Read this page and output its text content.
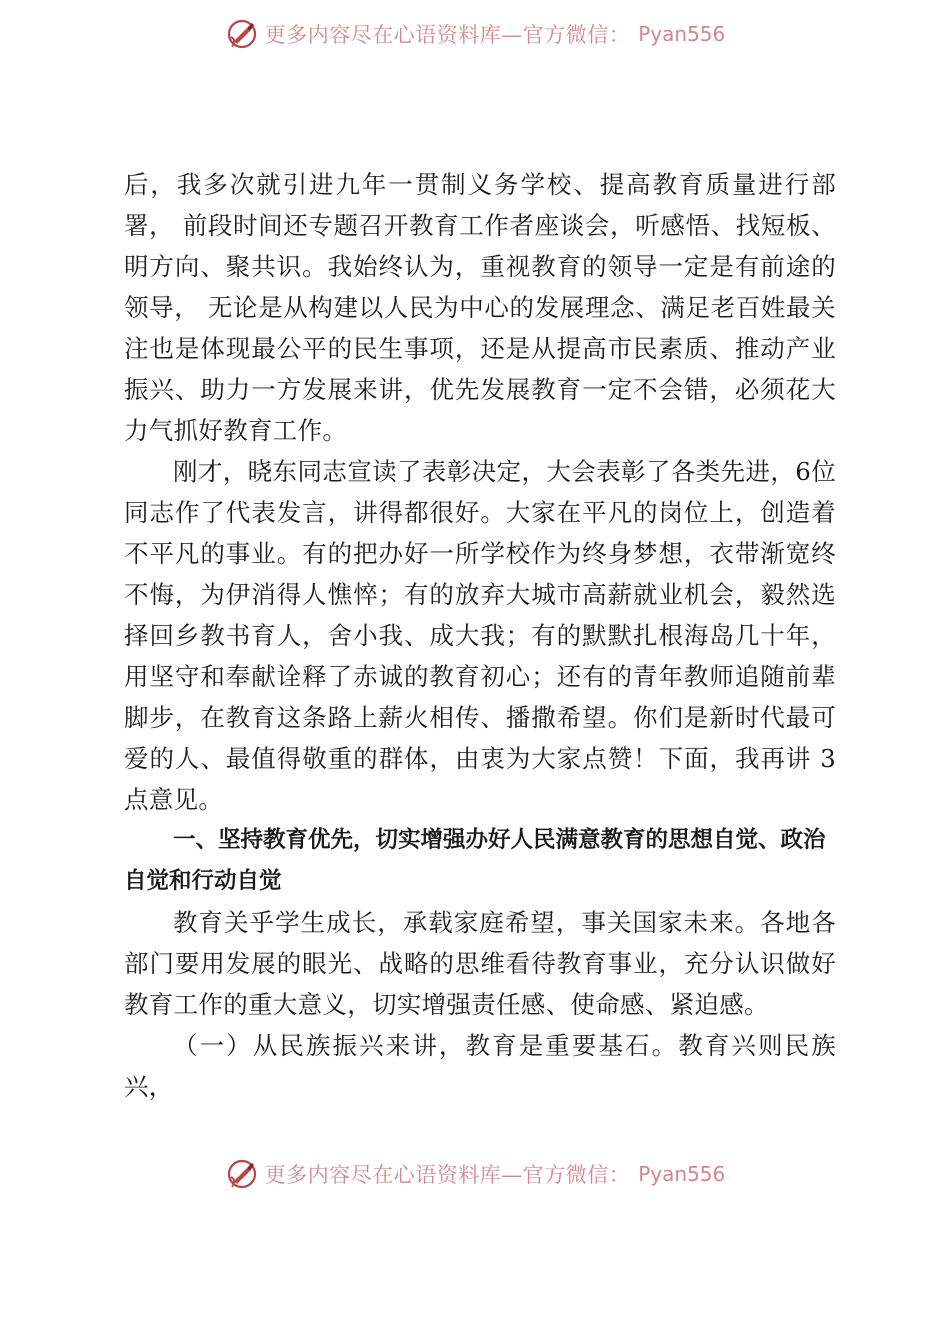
更多内容尽在心语资料库—官方微信： Pyan556

后，我多次就引进九年一贯制义务学校、提高教育质量进行部署， 前段时间还专题召开教育工作者座谈会，听感悟、找短板、明方向、聚共识。我始终认为，重视教育的领导一定是有前途的领导， 无论是从构建以人民为中心的发展理念、满足老百姓最关注也是体现最公平的民生事项，还是从提高市民素质、推动产业振兴、助力一方发展来讲，优先发展教育一定不会错，必须花大力气抓好教育工作。

刚才，晓东同志宣读了表彰决定，大会表彰了各类先进，6位同志作了代表发言，讲得都很好。大家在平凡的岗位上，创造着不平凡的事业。有的把办好一所学校作为终身梦想，衣带渐宽终不悔，为伊消得人憔悴；有的放弃大城市高薪就业机会，毅然选择回乡教书育人，舍小我、成大我；有的默默扎根海岛几十年， 用坚守和奉献诠释了赤诚的教育初心；还有的青年教师追随前辈脚步，在教育这条路上薪火相传、播撒希望。你们是新时代最可爱的人、最值得敬重的群体，由衷为大家点赞！下面，我再讲 3 点意见。

一、坚持教育优先，切实增强办好人民满意教育的思想自觉、政治自觉和行动自觉

教育关乎学生成长，承载家庭希望，事关国家未来。各地各部门要用发展的眼光、战略的思维看待教育事业，充分认识做好 教育工作的重大意义，切实增强责任感、使命感、紧迫感。

（一）从民族振兴来讲，教育是重要基石。教育兴则民族兴，

更多内容尽在心语资料库—官方微信： Pyan556
